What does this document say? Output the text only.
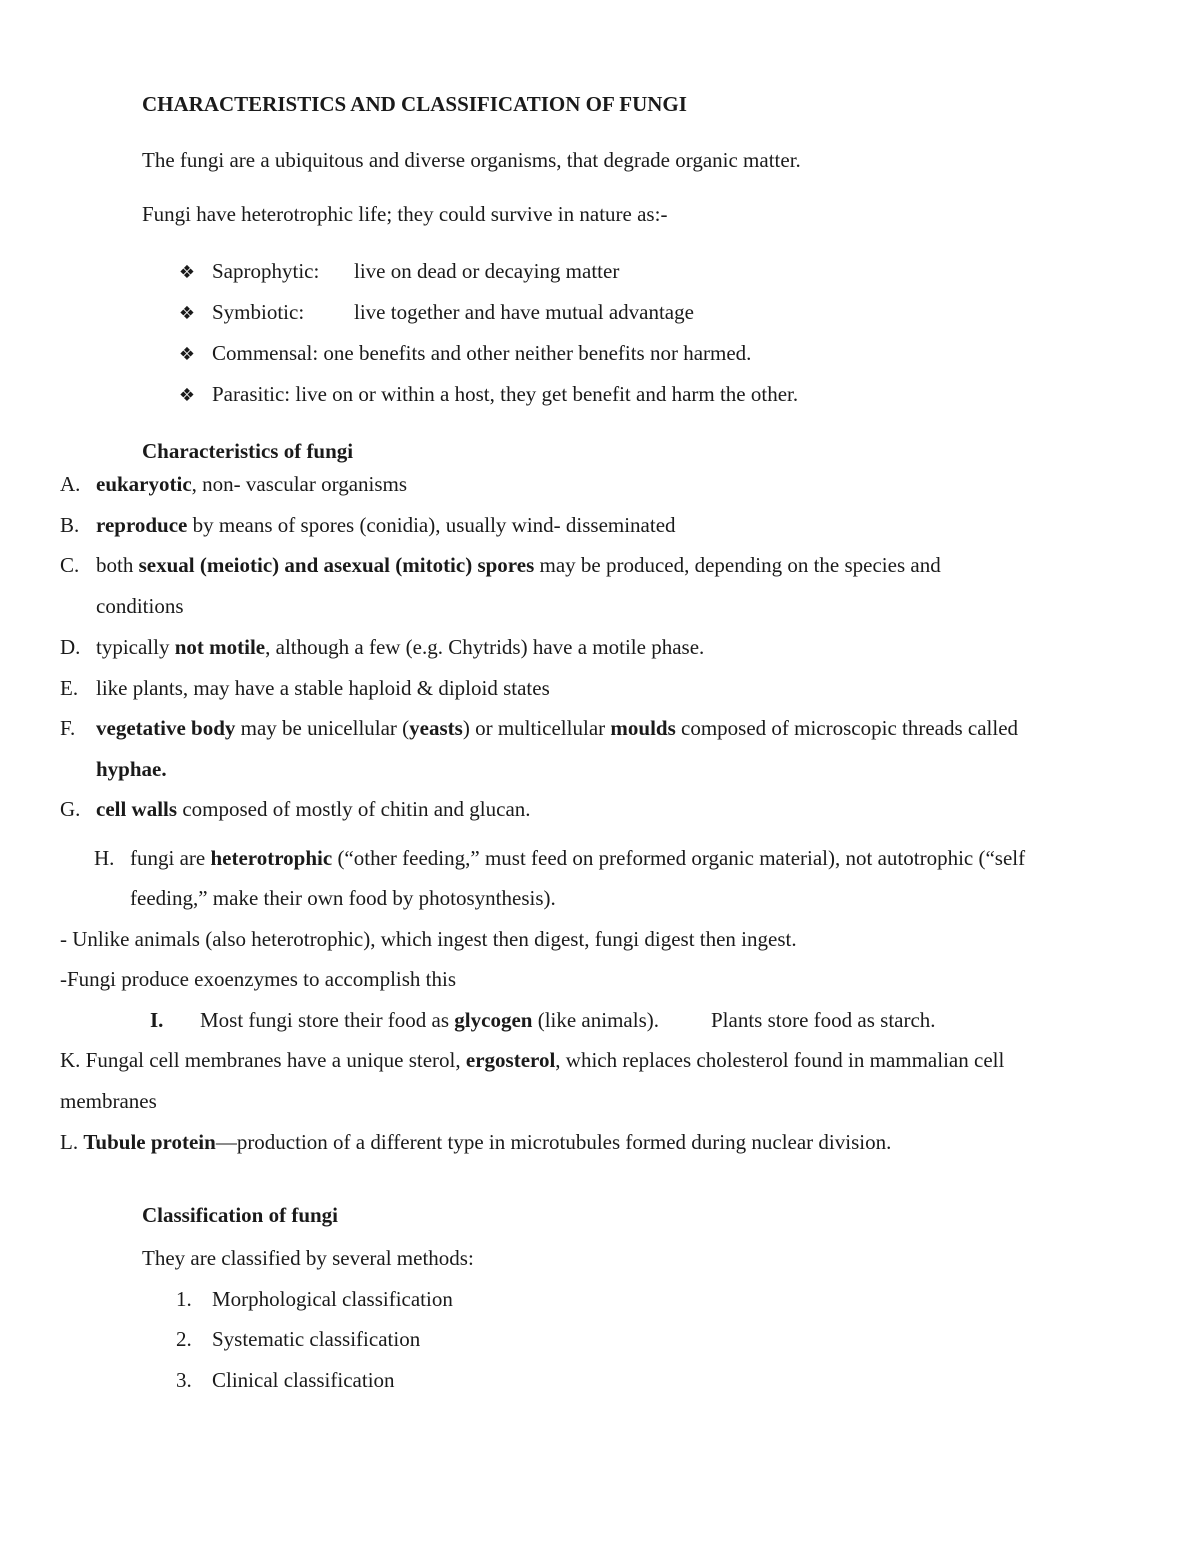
CHARACTERISTICS AND CLASSIFICATION OF FUNGI
The fungi are a ubiquitous and diverse organisms, that degrade organic matter.
Fungi have heterotrophic life; they could survive in nature as:-
❖ Saprophytic: live on dead or decaying matter
❖ Symbiotic: live together and have mutual advantage
❖ Commensal: one benefits and other neither benefits nor harmed.
❖ Parasitic: live on or within a host, they get benefit and harm the other.
Characteristics of fungi
A. eukaryotic, non- vascular organisms
B. reproduce by means of spores (conidia), usually wind- disseminated
C. both sexual (meiotic) and asexual (mitotic) spores may be produced, depending on the species and
conditions
D. typically not motile, although a few (e.g. Chytrids) have a motile phase.
E. like plants, may have a stable haploid & diploid states
F. vegetative body may be unicellular (yeasts) or multicellular moulds composed of microscopic threads called
hyphae.
G. cell walls composed of mostly of chitin and glucan.
H. fungi are heterotrophic (“other feeding,” must feed on preformed organic material), not autotrophic (“self
feeding,” make their own food by photosynthesis).
- Unlike animals (also heterotrophic), which ingest then digest, fungi digest then ingest.
-Fungi produce exoenzymes to accomplish this
I. Most fungi store their food as glycogen (like animals). Plants store food as starch.
K. Fungal cell membranes have a unique sterol, ergosterol, which replaces cholesterol found in mammalian cell
membranes
L. Tubule protein—production of a different type in microtubules formed during nuclear division.
Classification of fungi
They are classified by several methods:
1. Morphological classification
2. Systematic classification
3. Clinical classification
